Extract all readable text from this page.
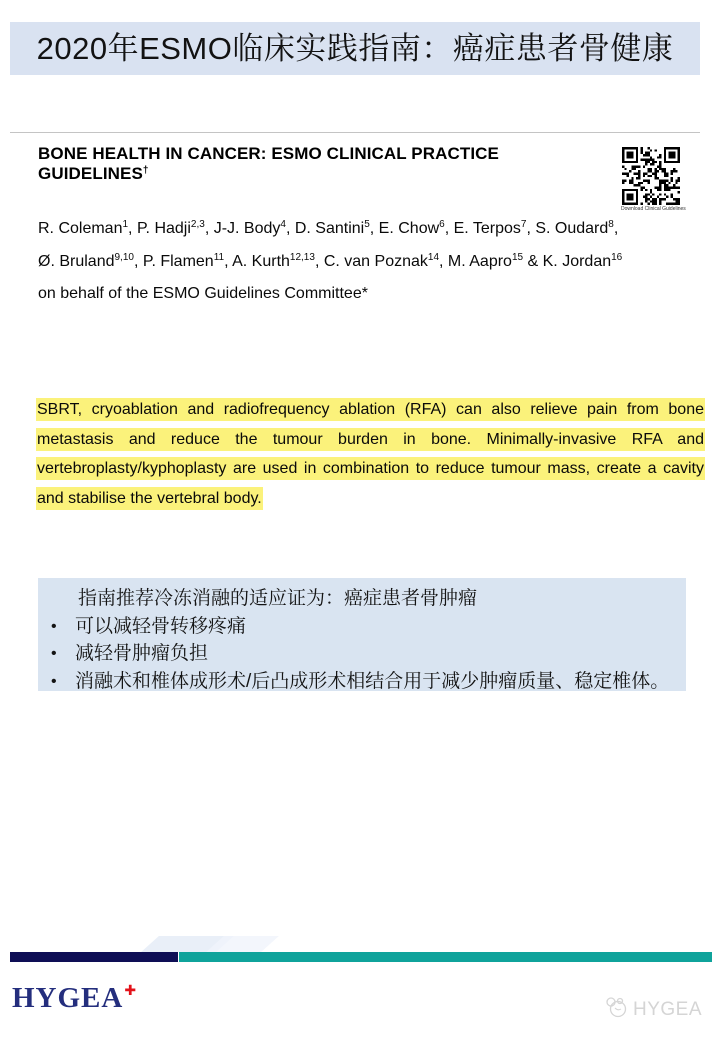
2020年ESMO临床实践指南：癌症患者骨健康
BONE HEALTH IN CANCER: ESMO CLINICAL PRACTICE GUIDELINES†
Download Clinical Guidelines
R. Coleman$^1$, P. Hadji$^{2,3}$, J-J. Body$^4$, D. Santini$^5$, E. Chow$^6$, E. Terpos$^7$, S. Oudard$^8$,
Ø. Bruland$^{9,10}$, P. Flamen$^{11}$, A. Kurth$^{12,13}$, C. van Poznak$^{14}$, M. Aapro$^{15}$ & K. Jordan$^{16}$
on behalf of the ESMO Guidelines Committee*
SBRT, cryoablation and radiofrequency ablation (RFA) can also relieve pain from bone metastasis and reduce the tumour burden in bone. Minimally-invasive RFA and vertebroplasty/kyphoplasty are used in combination to reduce tumour mass, create a cavity and stabilise the vertebral body.
指南推荐冷冻消融的适应证为：癌症患者骨肿瘤
• 可以减轻骨转移疼痛
• 减轻骨肿瘤负担
• 消融术和椎体成形术/后凸成形术相结合用于减少肿瘤质量、稳定椎体。
HYGEA✚
HYGEA
